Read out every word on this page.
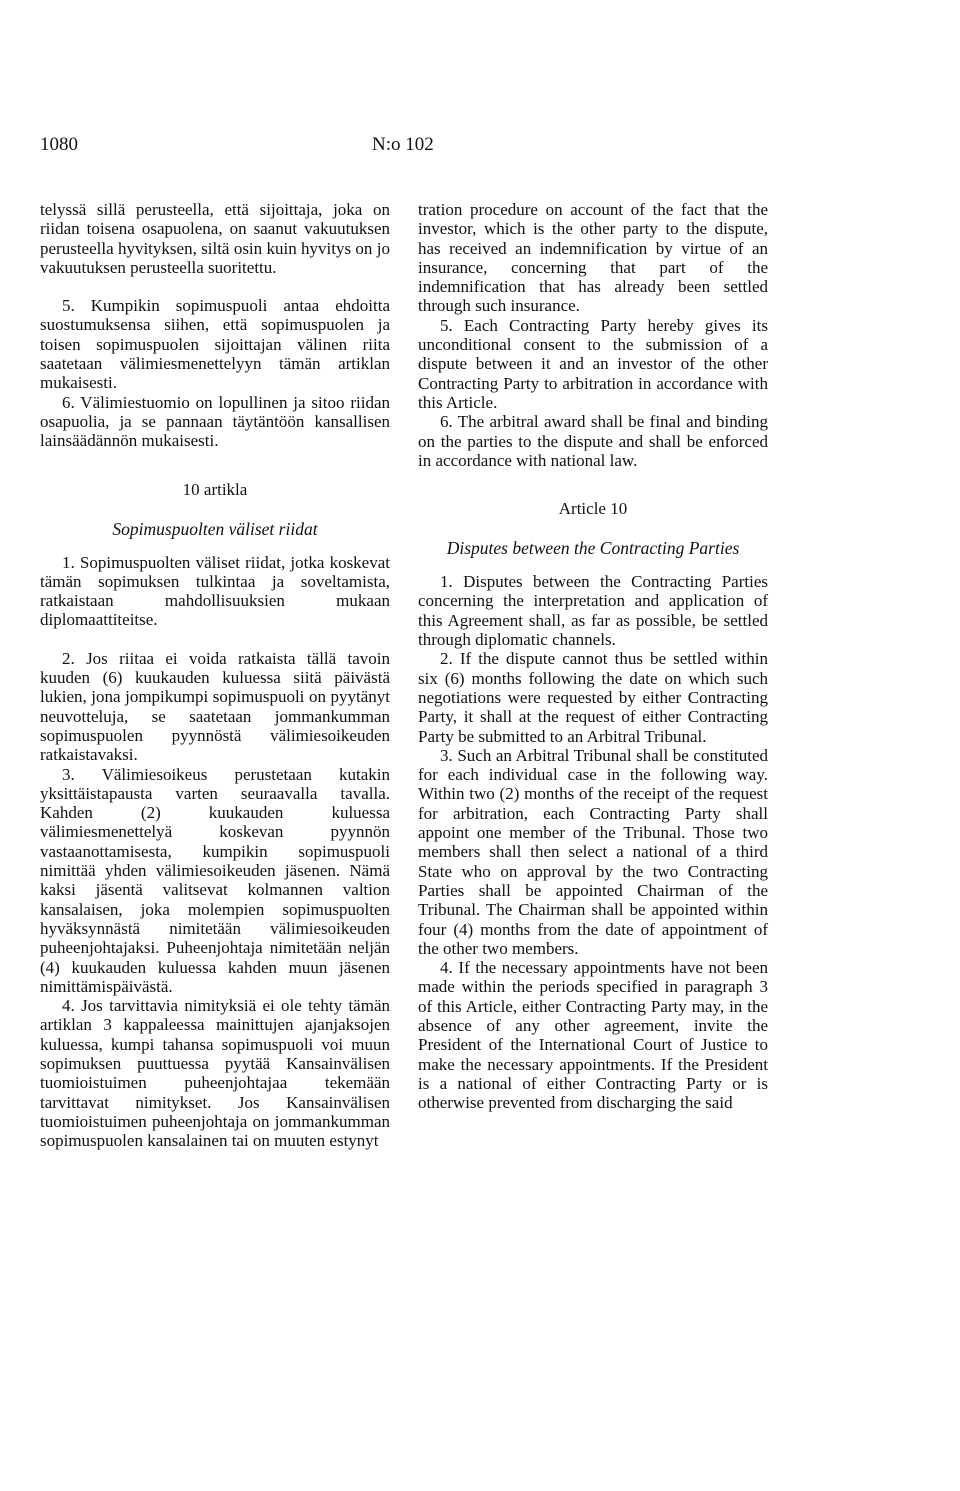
1080	N:o 102

telyssä sillä perusteella, että sijoittaja, joka on riidan toisena osapuolena, on saanut vakuutuksen perusteella hyvityksen, siltä osin kuin hyvitys on jo vakuutuksen perusteella suoritettu.

5. Kumpikin sopimuspuoli antaa ehdoitta suostumuksensa siihen, että sopimuspuolen ja toisen sopimuspuolen sijoittajan välinen riita saatetaan välimiesmenettelyyn tämän artiklan mukaisesti.

6. Välimiestuomio on lopullinen ja sitoo riidan osapuolia, ja se pannaan täytäntöön kansallisen lainsäädännön mukaisesti.

10 artikla

Sopimuspuolten väliset riidat

1. Sopimuspuolten väliset riidat, jotka koskevat tämän sopimuksen tulkintaa ja soveltamista, ratkaistaan mahdollisuuksien mukaan diplomaattiteitse.

2. Jos riitaa ei voida ratkaista tällä tavoin kuuden (6) kuukauden kuluessa siitä päivästä lukien, jona jompikumpi sopimuspuoli on pyytänyt neuvotteluja, se saatetaan jommankumman sopimuspuolen pyynnöstä välimiesoikeuden ratkaistavaksi.

3. Välimiesoikeus perustetaan kutakin yksittäistapausta varten seuraavalla tavalla. Kahden (2) kuukauden kuluessa välimiesmenettelyä koskevan pyynnön vastaanottamisesta, kumpikin sopimuspuoli nimittää yhden välimiesoikeuden jäsenen. Nämä kaksi jäsentä valitsevat kolmannen valtion kansalaisen, joka molempien sopimuspuolten hyväksynnästä nimitetään välimiesoikeuden puheenjohtajaksi. Puheenjohtaja nimitetään neljän (4) kuukauden kuluessa kahden muun jäsenen nimittämispäivästä.

4. Jos tarvittavia nimityksiä ei ole tehty tämän artiklan 3 kappaleessa mainittujen ajanjaksojen kuluessa, kumpi tahansa sopimuspuoli voi muun sopimuksen puuttuessa pyytää Kansainvälisen tuomioistuimen puheenjohtajaa tekemään tarvittavat nimitykset. Jos Kansainvälisen tuomioistuimen puheenjohtaja on jommankumman sopimuspuolen kansalainen tai on muuten estynyt

tration procedure on account of the fact that the investor, which is the other party to the dispute, has received an indemnification by virtue of an insurance, concerning that part of the indemnification that has already been settled through such insurance.

5. Each Contracting Party hereby gives its unconditional consent to the submission of a dispute between it and an investor of the other Contracting Party to arbitration in accordance with this Article.

6. The arbitral award shall be final and binding on the parties to the dispute and shall be enforced in accordance with national law.

Article 10

Disputes between the Contracting Parties

1. Disputes between the Contracting Parties concerning the interpretation and application of this Agreement shall, as far as possible, be settled through diplomatic channels.

2. If the dispute cannot thus be settled within six (6) months following the date on which such negotiations were requested by either Contracting Party, it shall at the request of either Contracting Party be submitted to an Arbitral Tribunal.

3. Such an Arbitral Tribunal shall be constituted for each individual case in the following way. Within two (2) months of the receipt of the request for arbitration, each Contracting Party shall appoint one member of the Tribunal. Those two members shall then select a national of a third State who on approval by the two Contracting Parties shall be appointed Chairman of the Tribunal. The Chairman shall be appointed within four (4) months from the date of appointment of the other two members.

4. If the necessary appointments have not been made within the periods specified in paragraph 3 of this Article, either Contracting Party may, in the absence of any other agreement, invite the President of the International Court of Justice to make the necessary appointments. If the President is a national of either Contracting Party or is otherwise prevented from discharging the said
